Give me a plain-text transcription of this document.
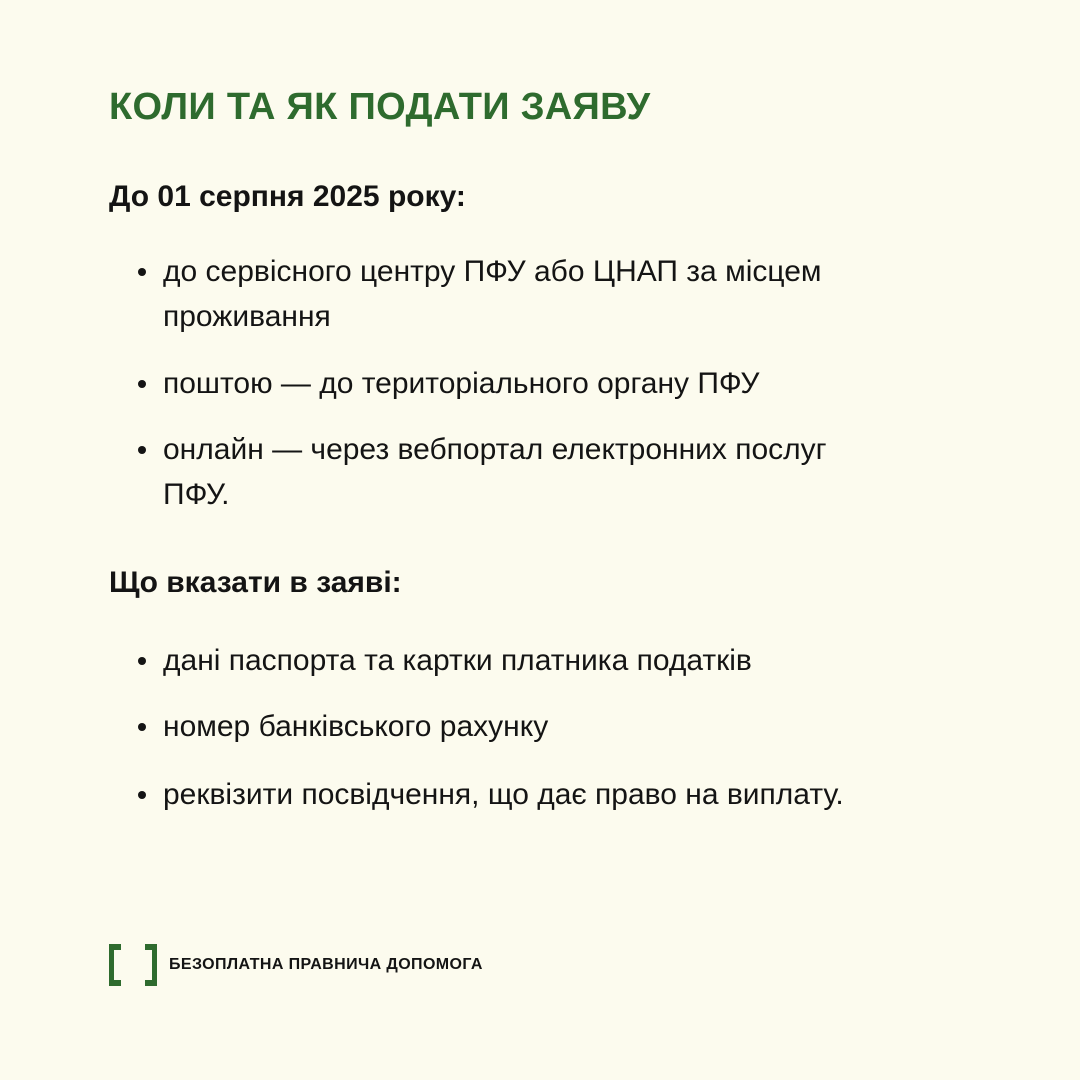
КОЛИ ТА ЯК ПОДАТИ ЗАЯВУ
До 01 серпня 2025 року:
до сервісного центру ПФУ або ЦНАП за місцем проживання
поштою — до територіального органу ПФУ
онлайн — через вебпортал електронних послуг ПФУ.
Що вказати в заяві:
дані паспорта та картки платника податків
номер банківського рахунку
реквізити посвідчення, що дає право на виплату.
БЕЗОПЛАТНА ПРАВНИЧА ДОПОМОГА
